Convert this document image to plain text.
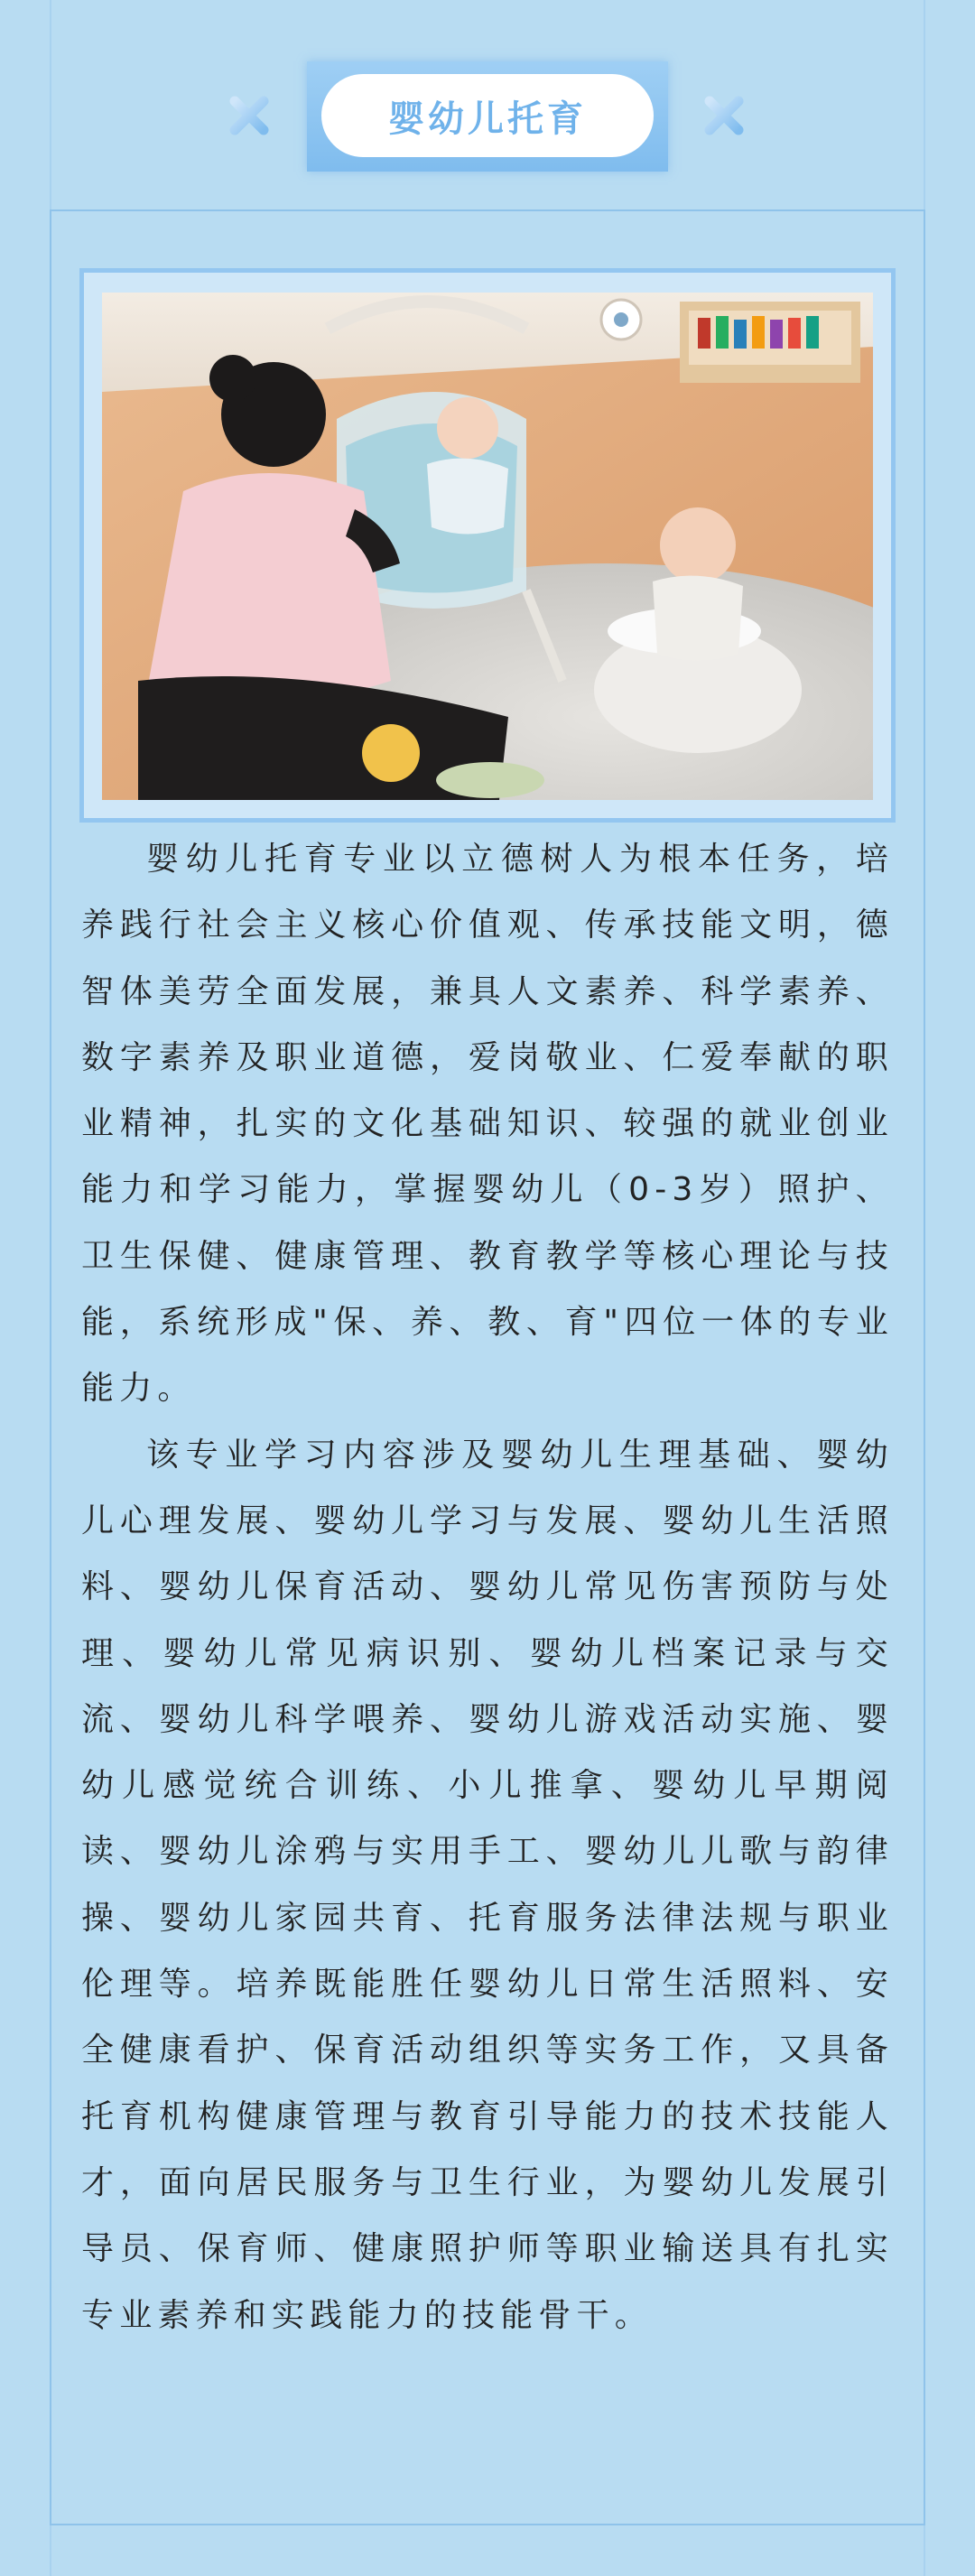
婴幼儿托育

婴幼儿托育专业以立德树人为根本任务，培养践行社会主义核心价值观、传承技能文明，德智体美劳全面发展，兼具人文素养、科学素养、数字素养及职业道德，爱岗敬业、仁爱奉献的职业精神，扎实的文化基础知识、较强的就业创业能力和学习能力，掌握婴幼儿（0-3岁）照护、卫生保健、健康管理、教育教学等核心理论与技能，系统形成"保、养、教、育"四位一体的专业能力。

该专业学习内容涉及婴幼儿生理基础、婴幼儿心理发展、婴幼儿学习与发展、婴幼儿生活照料、婴幼儿保育活动、婴幼儿常见伤害预防与处理、婴幼儿常见病识别、婴幼儿档案记录与交流、婴幼儿科学喂养、婴幼儿游戏活动实施、婴幼儿感觉统合训练、小儿推拿、婴幼儿早期阅读、婴幼儿涂鸦与实用手工、婴幼儿儿歌与韵律操、婴幼儿家园共育、托育服务法律法规与职业伦理等。培养既能胜任婴幼儿日常生活照料、安全健康看护、保育活动组织等实务工作，又具备托育机构健康管理与教育引导能力的技术技能人才，面向居民服务与卫生行业，为婴幼儿发展引导员、保育师、健康照护师等职业输送具有扎实专业素养和实践能力的技能骨干。
